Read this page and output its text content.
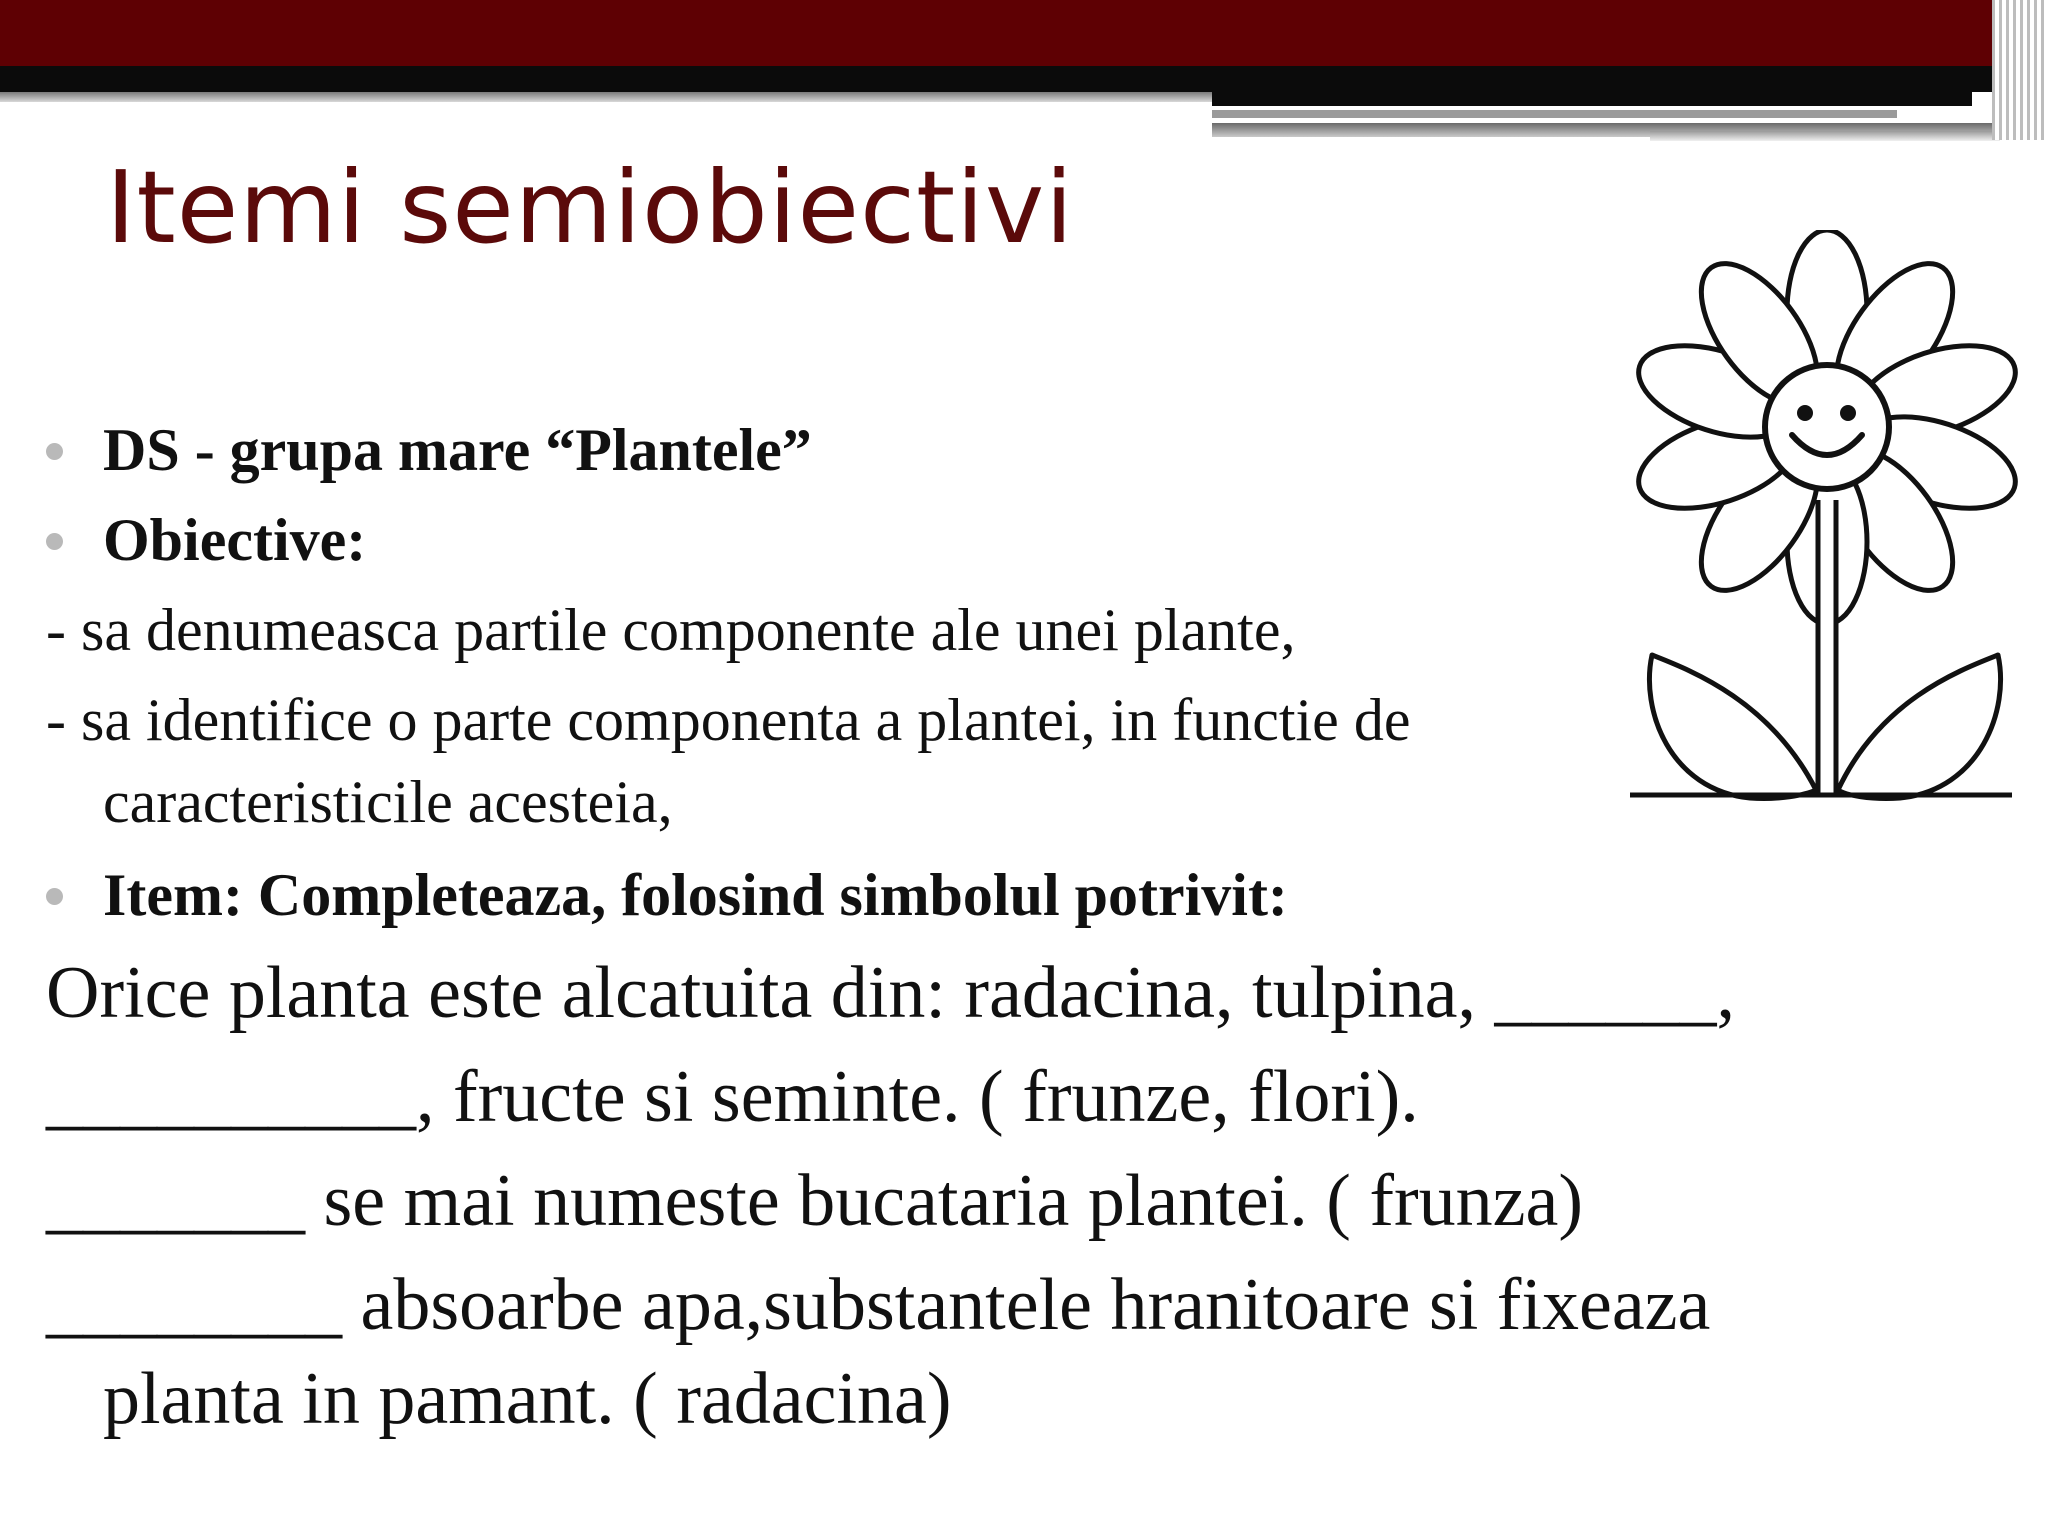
Itemi semiobiectivi
DS - grupa mare “Plantele”
Obiective:
- sa denumeasca partile componente ale unei plante,
- sa identifice o parte componenta a plantei, in functie de
caracteristicile acesteia,
Item: Completeaza, folosind simbolul potrivit:
Orice planta este alcatuita din: radacina, tulpina, ______,
__________, fructe si seminte. ( frunze, flori).
_______ se mai numeste bucataria plantei. ( frunza)
________ absoarbe apa,substantele hranitoare si fixeaza
planta in pamant. ( radacina)
